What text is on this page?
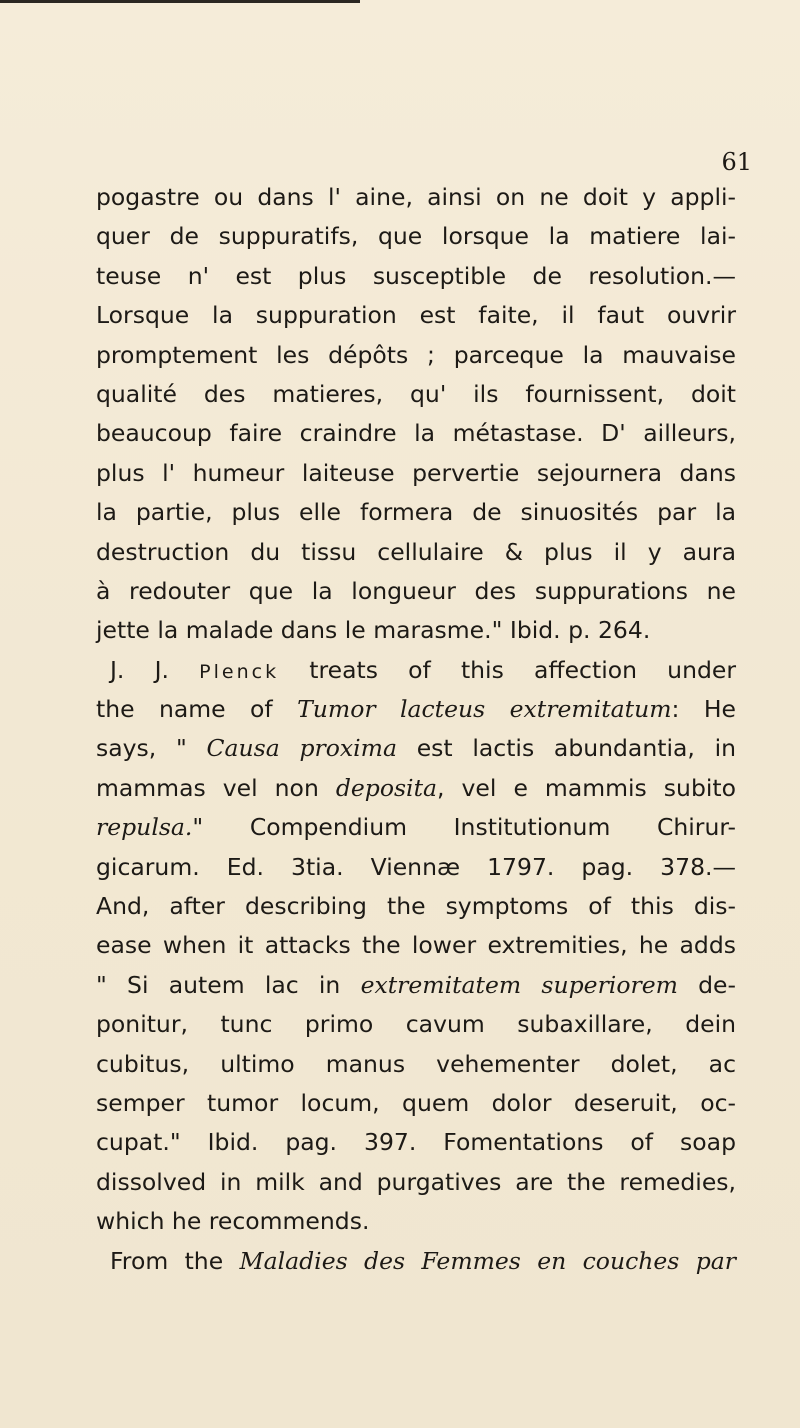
61
pogastre ou dans l' aine, ainsi on ne doit y appli-
quer de suppuratifs, que lorsque la matiere lai-
teuse n' est plus susceptible de resolution.—
Lorsque la suppuration est faite, il faut ouvrir
promptement les dépôts ; parceque la mauvaise
qualité des matieres, qu' ils fournissent, doit
beaucoup faire craindre la métastase. D' ailleurs,
plus l' humeur laiteuse pervertie sejournera dans
la partie, plus elle formera de sinuosités par la
destruction du tissu cellulaire & plus il y aura
à redouter que la longueur des suppurations ne
jette la malade dans le marasme." Ibid. p. 264.
J. J. Plenck treats of this affection under
the name of Tumor lacteus extremitatum: He
says, " Causa proxima est lactis abundantia, in
mammas vel non deposita, vel e mammis subito
repulsa." Compendium Institutionum Chirur-
gicarum. Ed. 3tia. Viennæ 1797. pag. 378.—
And, after describing the symptoms of this dis-
ease when it attacks the lower extremities, he adds
" Si autem lac in extremitatem superiorem de-
ponitur, tunc primo cavum subaxillare, dein
cubitus, ultimo manus vehementer dolet, ac
semper tumor locum, quem dolor deseruit, oc-
cupat." Ibid. pag. 397. Fomentations of soap
dissolved in milk and purgatives are the remedies,
which he recommends.
From the Maladies des Femmes en couches par
